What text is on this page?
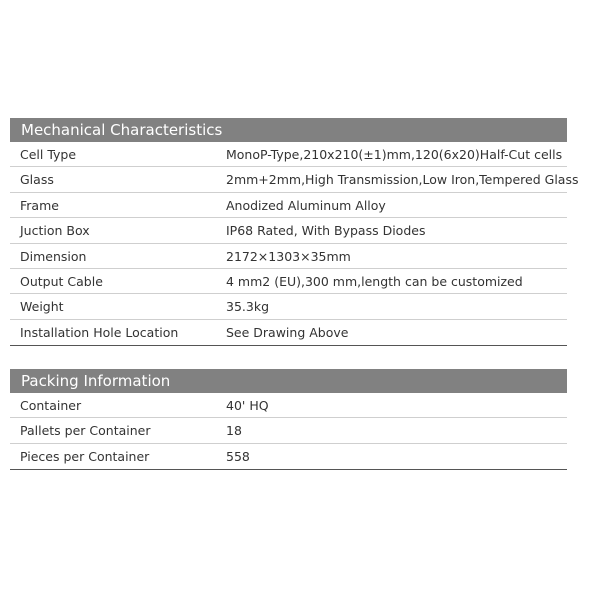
Mechanical Characteristics
Cell Type	MonoP-Type,210x210(±1)mm,120(6x20)Half-Cut cells
Glass	2mm+2mm,High Transmission,Low Iron,Tempered Glass
Frame	Anodized Aluminum Alloy
Juction Box	IP68 Rated, With Bypass Diodes
Dimension	2172×1303×35mm
Output Cable	4 mm2 (EU),300 mm,length can be customized
Weight	35.3kg
Installation Hole Location	See Drawing Above
Packing Information
Container	40' HQ
Pallets per Container	18
Pieces per Container	558
